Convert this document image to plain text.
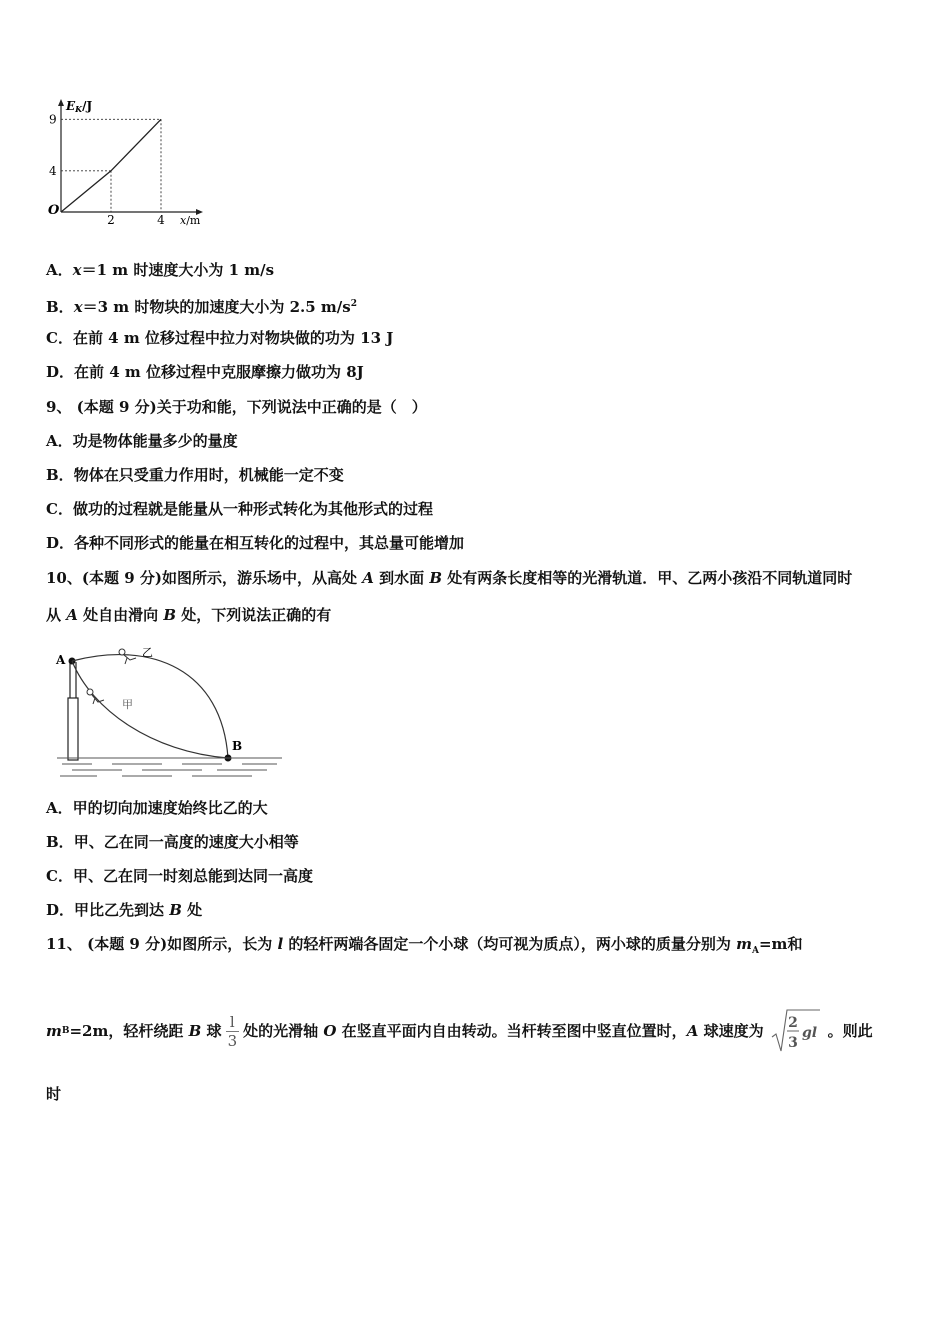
EK/J
9
4
O
2	4 x/m
A．x＝1 m 时速度大小为 1 m/s
B．x＝3 m 时物块的加速度大小为 2.5 $m/s^2$
C．在前 4 m 位移过程中拉力对物块做的功为 13 J
D．在前 4 m 位移过程中克服摩擦力做功为 8J
9、 (本题 9 分)关于功和能，下列说法中正确的是（　）
A．功是物体能量多少的量度
B．物体在只受重力作用时，机械能一定不变
C．做功的过程就是能量从一种形式转化为其他形式的过程
D．各种不同形式的能量在相互转化的过程中，其总量可能增加
10、(本题 9 分)如图所示，游乐场中，从高处 A 到水面 B 处有两条长度相等的光滑轨道．甲、乙两小孩沿不同轨道同时
从 A 处自由滑向 B 处，下列说法正确的有
A
B
乙
甲
A．甲的切向加速度始终比乙的大
B．甲、乙在同一高度的速度大小相等
C．甲、乙在同一时刻总能到达同一高度
D．甲比乙先到达 B 处
11、 (本题 9 分)如图所示，长为 l 的轻杆两端各固定一个小球（均可视为质点），两小球的质量分别为 $m_A=m$和
m B =2m ，轻杆绕距
B
球 $\frac{l}{3}$ 处的光滑轴
O
在竖直平面内自由转动。当杆转至图中竖直位置时， A
球速度为 2
3
gl 。则此
时
